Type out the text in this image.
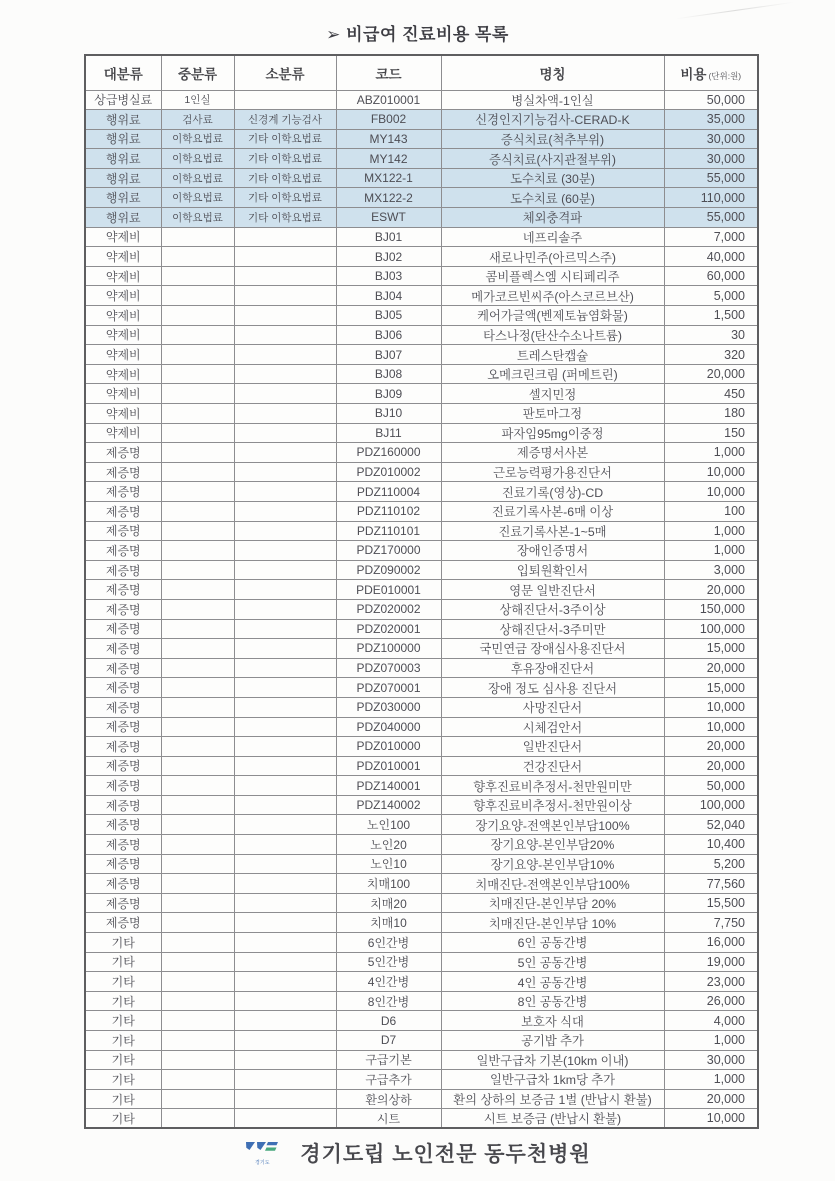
➢ 비급여 진료비용 목록
대분류	중분류	소분류	코드	명칭	비용 (단위:원)
상급병실료	1인실		ABZ010001	병실차액-1인실	50,000
행위료	검사료	신경계 기능검사	FB002	신경인지기능검사-CERAD-K	35,000
행위료	이학요법료	기타 이학요법료	MY143	증식치료(척추부위)	30,000
행위료	이학요법료	기타 이학요법료	MY142	증식치료(사지관절부위)	30,000
행위료	이학요법료	기타 이학요법료	MX122-1	도수치료 (30분)	55,000
행위료	이학요법료	기타 이학요법료	MX122-2	도수치료 (60분)	110,000
행위료	이학요법료	기타 이학요법료	ESWT	체외충격파	55,000
약제비			BJ01	네프리솔주	7,000
약제비			BJ02	새로나민주(아르믹스주)	40,000
약제비			BJ03	콤비플렉스엠 시티페리주	60,000
약제비			BJ04	메가코르빈씨주(아스코르브산)	5,000
약제비			BJ05	케어가글액(벤제토늄염화물)	1,500
약제비			BJ06	타스나정(탄산수소나트륨)	30
약제비			BJ07	트레스탄캡슐	320
약제비			BJ08	오메크린크림 (퍼메트린)	20,000
약제비			BJ09	셀지민정	450
약제비			BJ10	판토마그정	180
약제비			BJ11	파자임95mg이중정	150
제증명			PDZ160000	제증명서사본	1,000
제증명			PDZ010002	근로능력평가용진단서	10,000
제증명			PDZ110004	진료기록(영상)-CD	10,000
제증명			PDZ110102	진료기록사본-6매 이상	100
제증명			PDZ110101	진료기록사본-1~5매	1,000
제증명			PDZ170000	장애인증명서	1,000
제증명			PDZ090002	입퇴원확인서	3,000
제증명			PDE010001	영문 일반진단서	20,000
제증명			PDZ020002	상해진단서-3주이상	150,000
제증명			PDZ020001	상해진단서-3주미만	100,000
제증명			PDZ100000	국민연금 장애심사용진단서	15,000
제증명			PDZ070003	후유장애진단서	20,000
제증명			PDZ070001	장애 정도 심사용 진단서	15,000
제증명			PDZ030000	사망진단서	10,000
제증명			PDZ040000	시체검안서	10,000
제증명			PDZ010000	일반진단서	20,000
제증명			PDZ010001	건강진단서	20,000
제증명			PDZ140001	향후진료비추정서-천만원미만	50,000
제증명			PDZ140002	향후진료비추정서-천만원이상	100,000
제증명			노인100	장기요양-전액본인부담100%	52,040
제증명			노인20	장기요양-본인부담20%	10,400
제증명			노인10	장기요양-본인부담10%	5,200
제증명			치매100	치매진단-전액본인부담100%	77,560
제증명			치매20	치매진단-본인부담 20%	15,500
제증명			치매10	치매진단-본인부담 10%	7,750
기타			6인간병	6인 공동간병	16,000
기타			5인간병	5인 공동간병	19,000
기타			4인간병	4인 공동간병	23,000
기타			8인간병	8인 공동간병	26,000
기타			D6	보호자 식대	4,000
기타			D7	공기밥 추가	1,000
기타			구급기본	일반구급차 기본(10km 이내)	30,000
기타			구급추가	일반구급차 1km당 추가	1,000
기타			환의상하	환의 상하의 보증금 1벌 (반납시 환불)	20,000
기타			시트	시트 보증금 (반납시 환불)	10,000
경기도 경기도립 노인전문 동두천병원
